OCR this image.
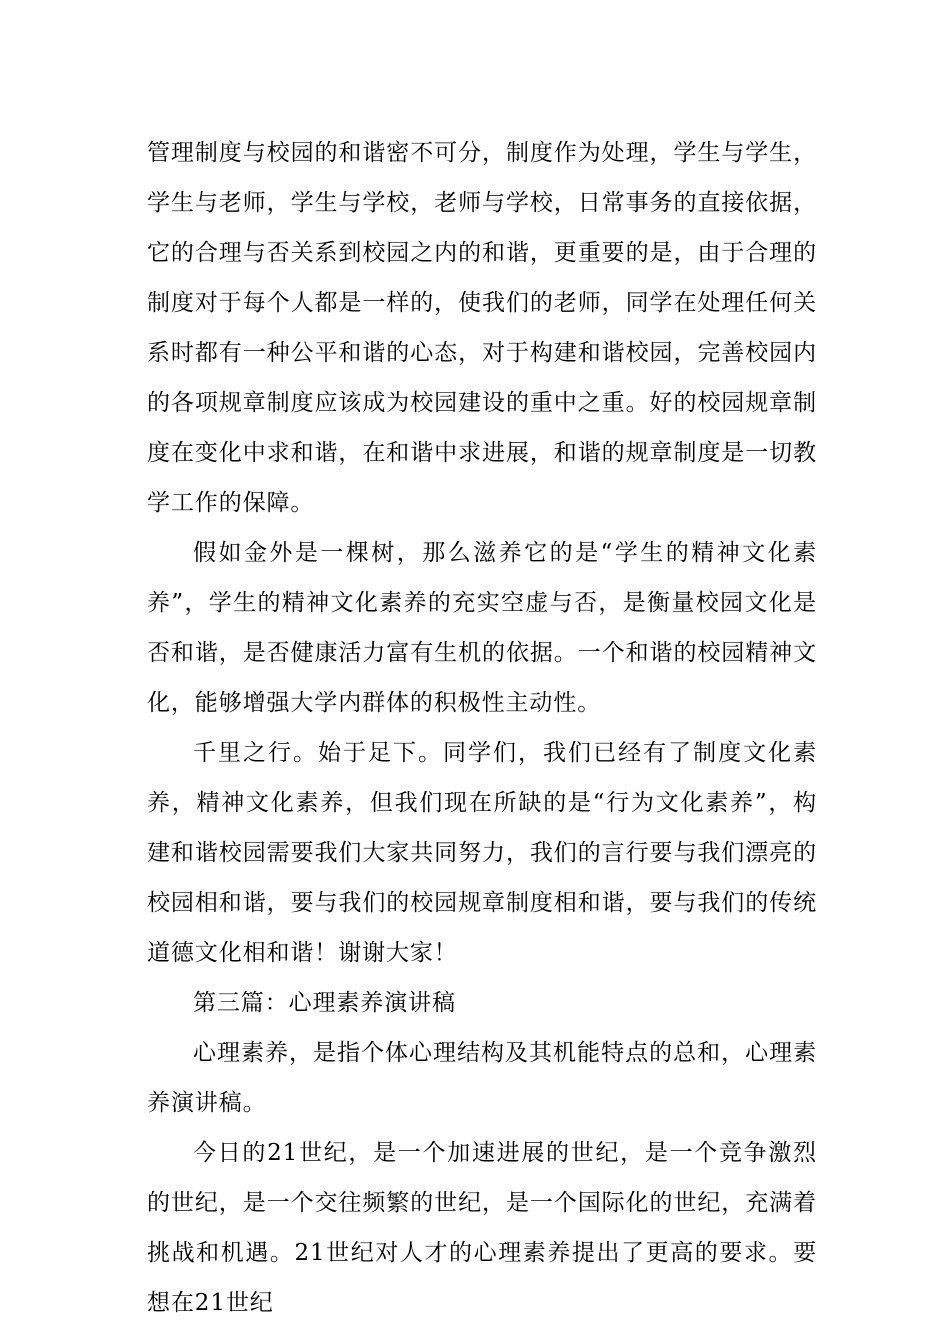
管理制度与校园的和谐密不可分，制度作为处理，学生与学生，学生与老师，学生与学校，老师与学校，日常事务的直接依据，它的合理与否关系到校园之内的和谐，更重要的是，由于合理的制度对于每个人都是一样的，使我们的老师，同学在处理任何关系时都有一种公平和谐的心态，对于构建和谐校园，完善校园内的各项规章制度应该成为校园建设的重中之重。好的校园规章制度在变化中求和谐，在和谐中求进展，和谐的规章制度是一切教学工作的保障。

假如金外是一棵树，那么滋养它的是“学生的精神文化素养”，学生的精神文化素养的充实空虚与否，是衡量校园文化是否和谐，是否健康活力富有生机的依据。一个和谐的校园精神文化，能够增强大学内群体的积极性主动性。

千里之行。始于足下。同学们，我们已经有了制度文化素养，精神文化素养，但我们现在所缺的是“行为文化素养”，构建和谐校园需要我们大家共同努力，我们的言行要与我们漂亮的校园相和谐，要与我们的校园规章制度相和谐，要与我们的传统道德文化相和谐！谢谢大家！

第三篇：心理素养演讲稿

心理素养，是指个体心理结构及其机能特点的总和，心理素养演讲稿。

今日的21世纪，是一个加速进展的世纪，是一个竞争激烈的世纪，是一个交往频繁的世纪，是一个国际化的世纪，充满着挑战和机遇。21世纪对人才的心理素养提出了更高的要求。要想在21世纪
